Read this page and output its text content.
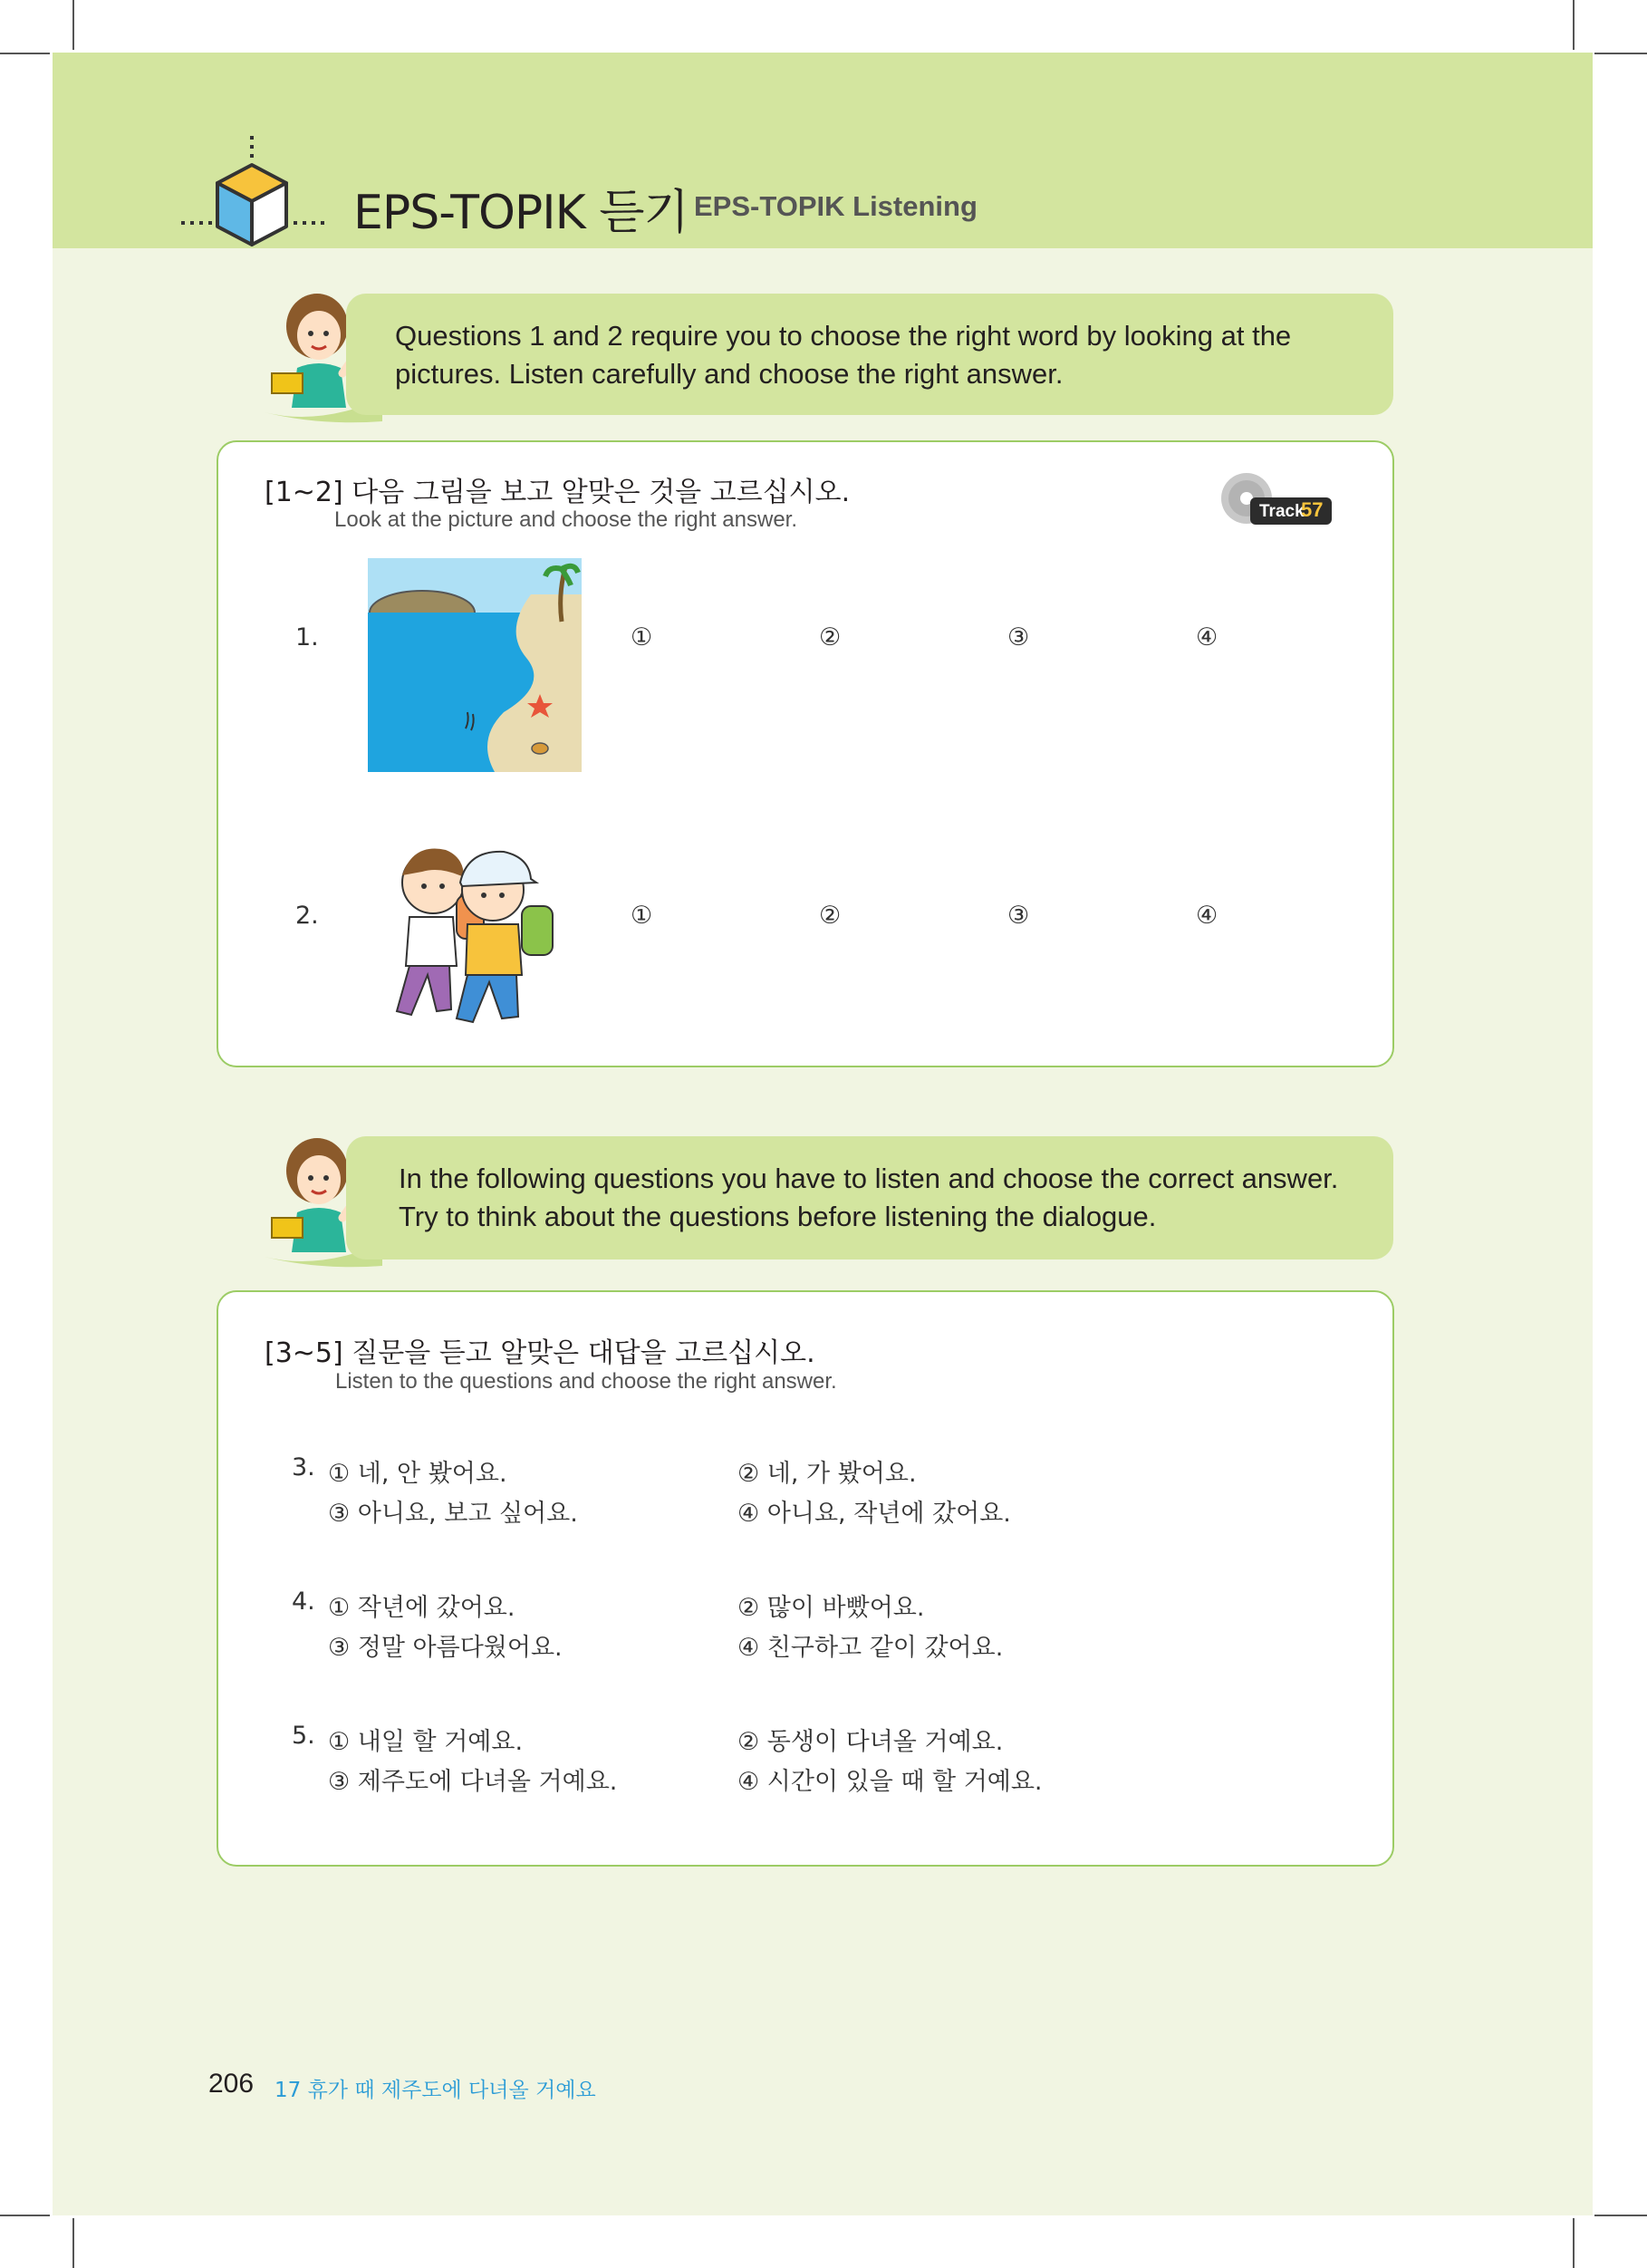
EPS-TOPIK 듣기 EPS-TOPIK Listening
Questions 1 and 2 require you to choose the right word by looking at the
pictures. Listen carefully and choose the right answer.
[1~2] 다음 그림을 보고 알맞은 것을 고르십시오.
Look at the picture and choose the right answer.	Track
57
1.	①	②	③	④
2.	①	②	③	④
In the following questions you have to listen and choose the correct answer.
Try to think about the questions before listening the dialogue.
[3~5] 질문을 듣고 알맞은 대답을 고르십시오.
Listen to the questions and choose the right answer.
3. ① 네, 안 봤어요.	② 네, 가 봤어요.
③ 아니요, 보고 싶어요.	④ 아니요, 작년에 갔어요.
4. ① 작년에 갔어요.	② 많이 바빴어요.
③ 정말 아름다웠어요.	④ 친구하고 같이 갔어요.
5. ① 내일 할 거예요.	② 동생이 다녀올 거예요.
③ 제주도에 다녀올 거예요.	④ 시간이 있을 때 할 거예요.
206 17 휴가 때 제주도에 다녀올 거예요
